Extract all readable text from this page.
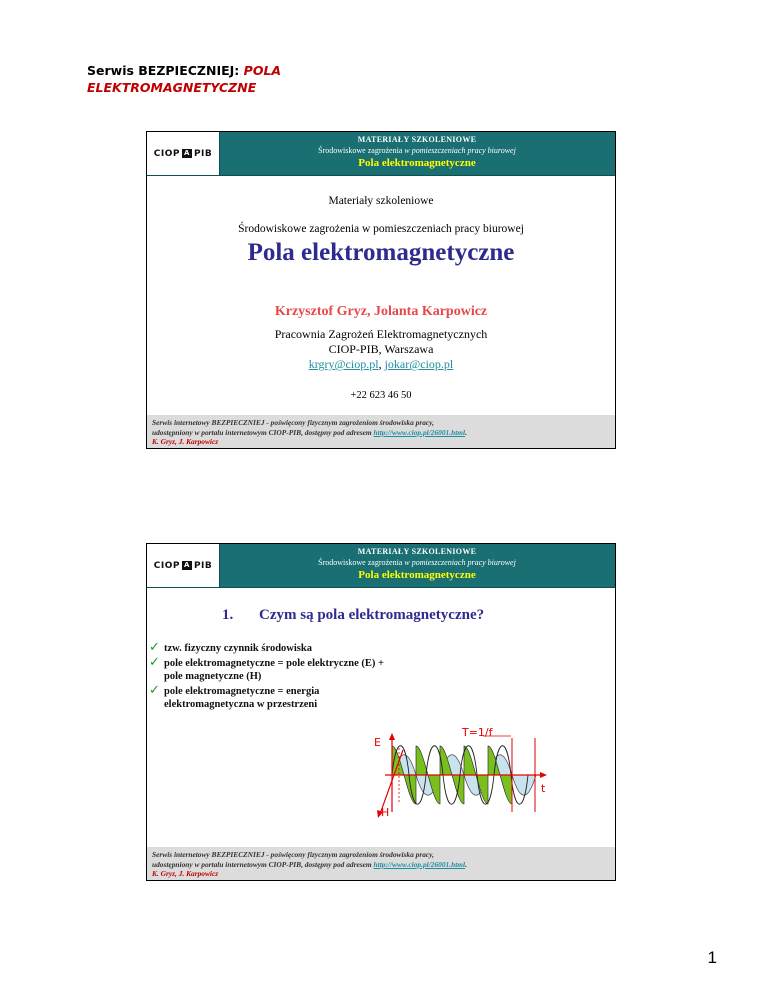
Serwis BEZPIECZNIEJ: POLA
ELEKTROMAGNETYCZNE
CIOP A PIB
MATERIAŁY SZKOLENIOWE
Środowiskowe zagrożenia w pomieszczeniach pracy biurowej
Pola elektromagnetyczne
Materiały szkoleniowe
Środowiskowe zagrożenia w pomieszczeniach pracy biurowej
Pola elektromagnetyczne
Krzysztof Gryz, Jolanta Karpowicz
Pracownia Zagrożeń Elektromagnetycznych
CIOP-PIB, Warszawa
krgry@ciop.pl, jokar@ciop.pl
+22 623 46 50
Serwis internetowy BEZPIECZNIEJ - poświęcony fizycznym zagrożeniom środowiska pracy,
udostępniony w portalu internetowym CIOP-PIB, dostępny pod adresem http://www.ciop.pl/26001.html.
K. Gryz, J. Karpowicz
CIOP A PIB
MATERIAŁY SZKOLENIOWE
Środowiskowe zagrożenia w pomieszczeniach pracy biurowej
Pola elektromagnetyczne
1. Czym są pola elektromagnetyczne?
✓ tzw. fizyczny czynnik środowiska
✓ pole elektromagnetyczne = pole elektryczne (E) +
pole magnetyczne (H)
✓ pole elektromagnetyczne = energia
elektromagnetyczna w przestrzeni
E
H
t
T=1/f
Serwis internetowy BEZPIECZNIEJ - poświęcony fizycznym zagrożeniom środowiska pracy,
udostępniony w portalu internetowym CIOP-PIB, dostępny pod adresem http://www.ciop.pl/26001.html.
K. Gryz, J. Karpowicz
1
